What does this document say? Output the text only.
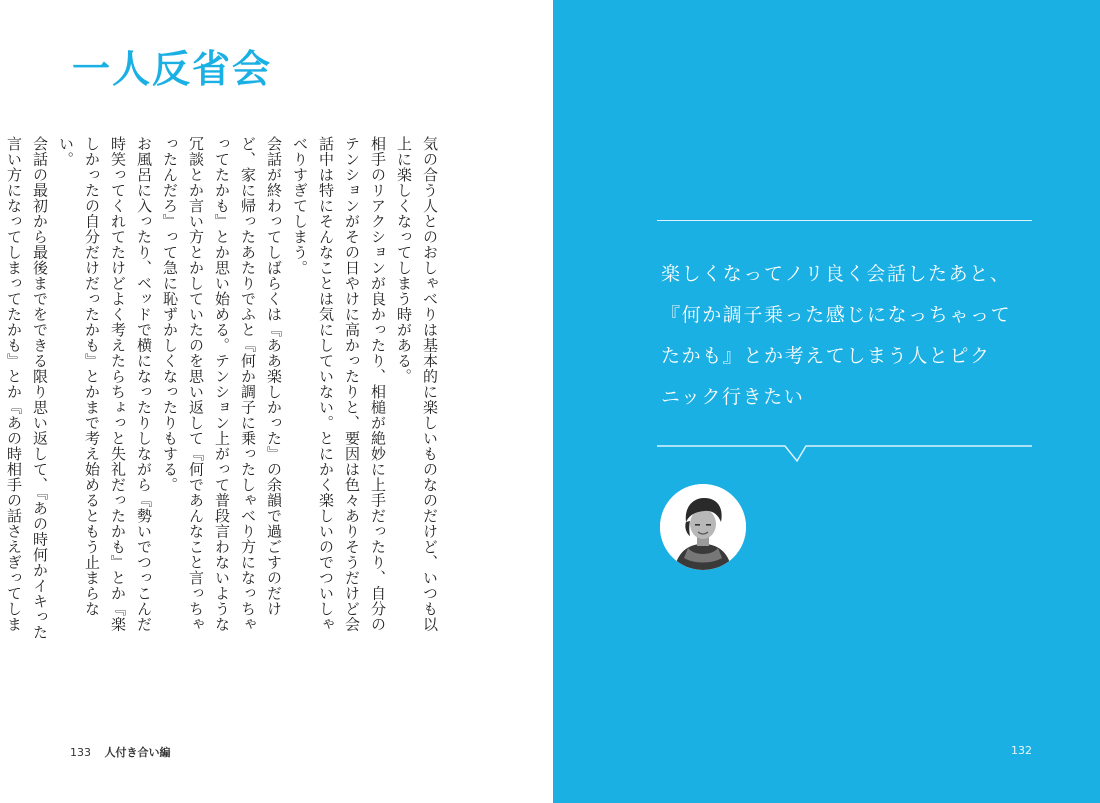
一人反省会

気の合う人とのおしゃべりは基本的に楽しいものなのだけど、いつも以上に楽しくなってしまう時がある。

相手のリアクションが良かったり、相槌が絶妙に上手だったり、自分のテンションがその日やけに高かったりと、要因は色々ありそうだけど会話中は特にそんなことは気にしていない。とにかく楽しいのでついしゃべりすぎてしまう。

会話が終わってしばらくは『ああ楽しかった』の余韻で過ごすのだけど、家に帰ったあたりでふと『何か調子に乗ったしゃべり方になっちゃってたかも』とか思い始める。テンション上がって普段言わないような冗談とか言い方とかしていたのを思い返して『何であんなこと言っちゃったんだろ』って急に恥ずかしくなったりもする。

お風呂に入ったり、ベッドで横になったりしながら『勢いでつっこんだ時笑ってくれてたけどよく考えたらちょっと失礼だったかも』とか『楽しかったの自分だけだったかも』とかまで考え始めるともう止まらない。

会話の最初から最後までをできる限り思い返して、『あの時何かイキった言い方になってしまってたかも』とか『あの時相手の話さえぎってしま

133 人付き合い編

楽しくなってノリ良く会話したあと、
『何か調子乗った感じになっちゃって
たかも』とか考えてしまう人とピク
ニック行きたい

132
